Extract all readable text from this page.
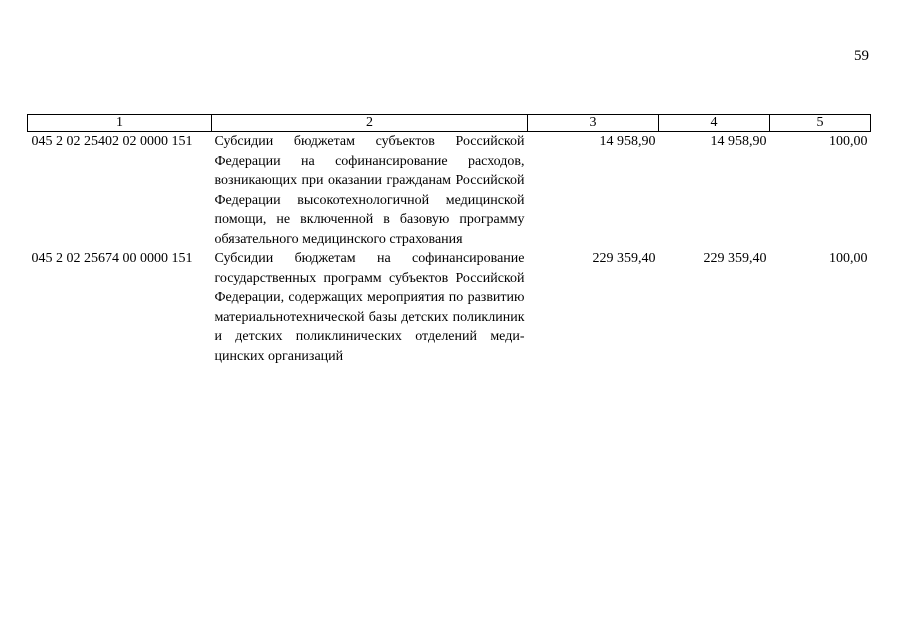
59
1	2	3	4	5
045 2 02 25402 02 0000 151	Субсидии бюджетам субъектов Российской Федерации на софинансирование расходов, возникающих при оказании гражданам Российской Федерации высокотехнологичной медицинской помощи, не включенной в базовую программу обязательного медицинского страхования	14 958,90	14 958,90	100,00
045 2 02 25674 00 0000 151	Субсидии бюджетам на софинансирование государственных программ субъектов Российской Федерации, содержащих мероприятия по развитию материальнотехнической базы детских поликлиник и детских поликлинических отделений медицинских организаций	229 359,40	229 359,40	100,00
